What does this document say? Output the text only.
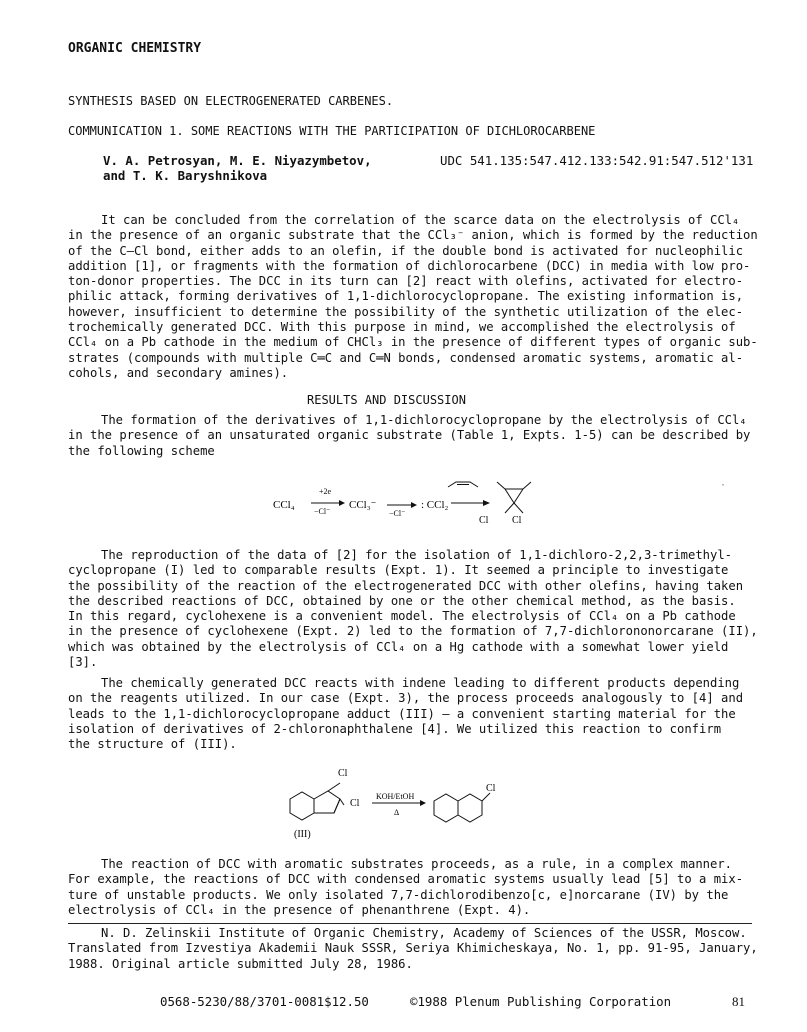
ORGANIC CHEMISTRY
SYNTHESIS BASED ON ELECTROGENERATED CARBENES.
COMMUNICATION 1. SOME REACTIONS WITH THE PARTICIPATION OF DICHLOROCARBENE
V. A. Petrosyan, M. E. Niyazymbetov,
and T. K. Baryshnikova
UDC 541.135:547.412.133:542.91:547.512'131
It can be concluded from the correlation of the scarce data on the electrolysis of CCl₄
in the presence of an organic substrate that the CCl₃⁻ anion, which is formed by the reduction
of the C–Cl bond, either adds to an olefin, if the double bond is activated for nucleophilic
addition [1], or fragments with the formation of dichlorocarbene (DCC) in media with low pro-
ton-donor properties. The DCC in its turn can [2] react with olefins, activated for electro-
philic attack, forming derivatives of 1,1-dichlorocyclopropane. The existing information is,
however, insufficient to determine the possibility of the synthetic utilization of the elec-
trochemically generated DCC. With this purpose in mind, we accomplished the electrolysis of
CCl₄ on a Pb cathode in the medium of CHCl₃ in the presence of different types of organic sub-
strates (compounds with multiple C═C and C═N bonds, condensed aromatic systems, aromatic al-
cohols, and secondary amines).
RESULTS AND DISCUSSION
The formation of the derivatives of 1,1-dichlorocyclopropane by the electrolysis of CCl₄
in the presence of an unsaturated organic substrate (Table 1, Expts. 1-5) can be described by
the following scheme
CCl₄
+2e
−Cl⁻
CCl₃⁻
−Cl⁻
: CCl₂
Cl Cl
·
The reproduction of the data of [2] for the isolation of 1,1-dichloro-2,2,3-trimethyl-
cyclopropane (I) led to comparable results (Expt. 1). It seemed a principle to investigate
the possibility of the reaction of the electrogenerated DCC with other olefins, having taken
the described reactions of DCC, obtained by one or the other chemical method, as the basis.
In this regard, cyclohexene is a convenient model. The electrolysis of CCl₄ on a Pb cathode
in the presence of cyclohexene (Expt. 2) led to the formation of 7,7-dichlorononorcarane (II),
which was obtained by the electrolysis of CCl₄ on a Hg cathode with a somewhat lower yield
[3].
The chemically generated DCC reacts with indene leading to different products depending
on the reagents utilized. In our case (Expt. 3), the process proceeds analogously to [4] and
leads to the 1,1-dichlorocyclopropane adduct (III) — a convenient starting material for the
isolation of derivatives of 2-chloronaphthalene [4]. We utilized this reaction to confirm
the structure of (III).
Cl
Cl
KOH/EtOH
Δ
Cl
(III)
The reaction of DCC with aromatic substrates proceeds, as a rule, in a complex manner.
For example, the reactions of DCC with condensed aromatic systems usually lead [5] to a mix-
ture of unstable products. We only isolated 7,7-dichlorodibenzo[c, e]norcarane (IV) by the
electrolysis of CCl₄ in the presence of phenanthrene (Expt. 4).
N. D. Zelinskii Institute of Organic Chemistry, Academy of Sciences of the USSR, Moscow.
Translated from Izvestiya Akademii Nauk SSSR, Seriya Khimicheskaya, No. 1, pp. 91-95, January,
1988. Original article submitted July 28, 1986.
0568-5230/88/3701-0081$12.50	©1988 Plenum Publishing Corporation	81
